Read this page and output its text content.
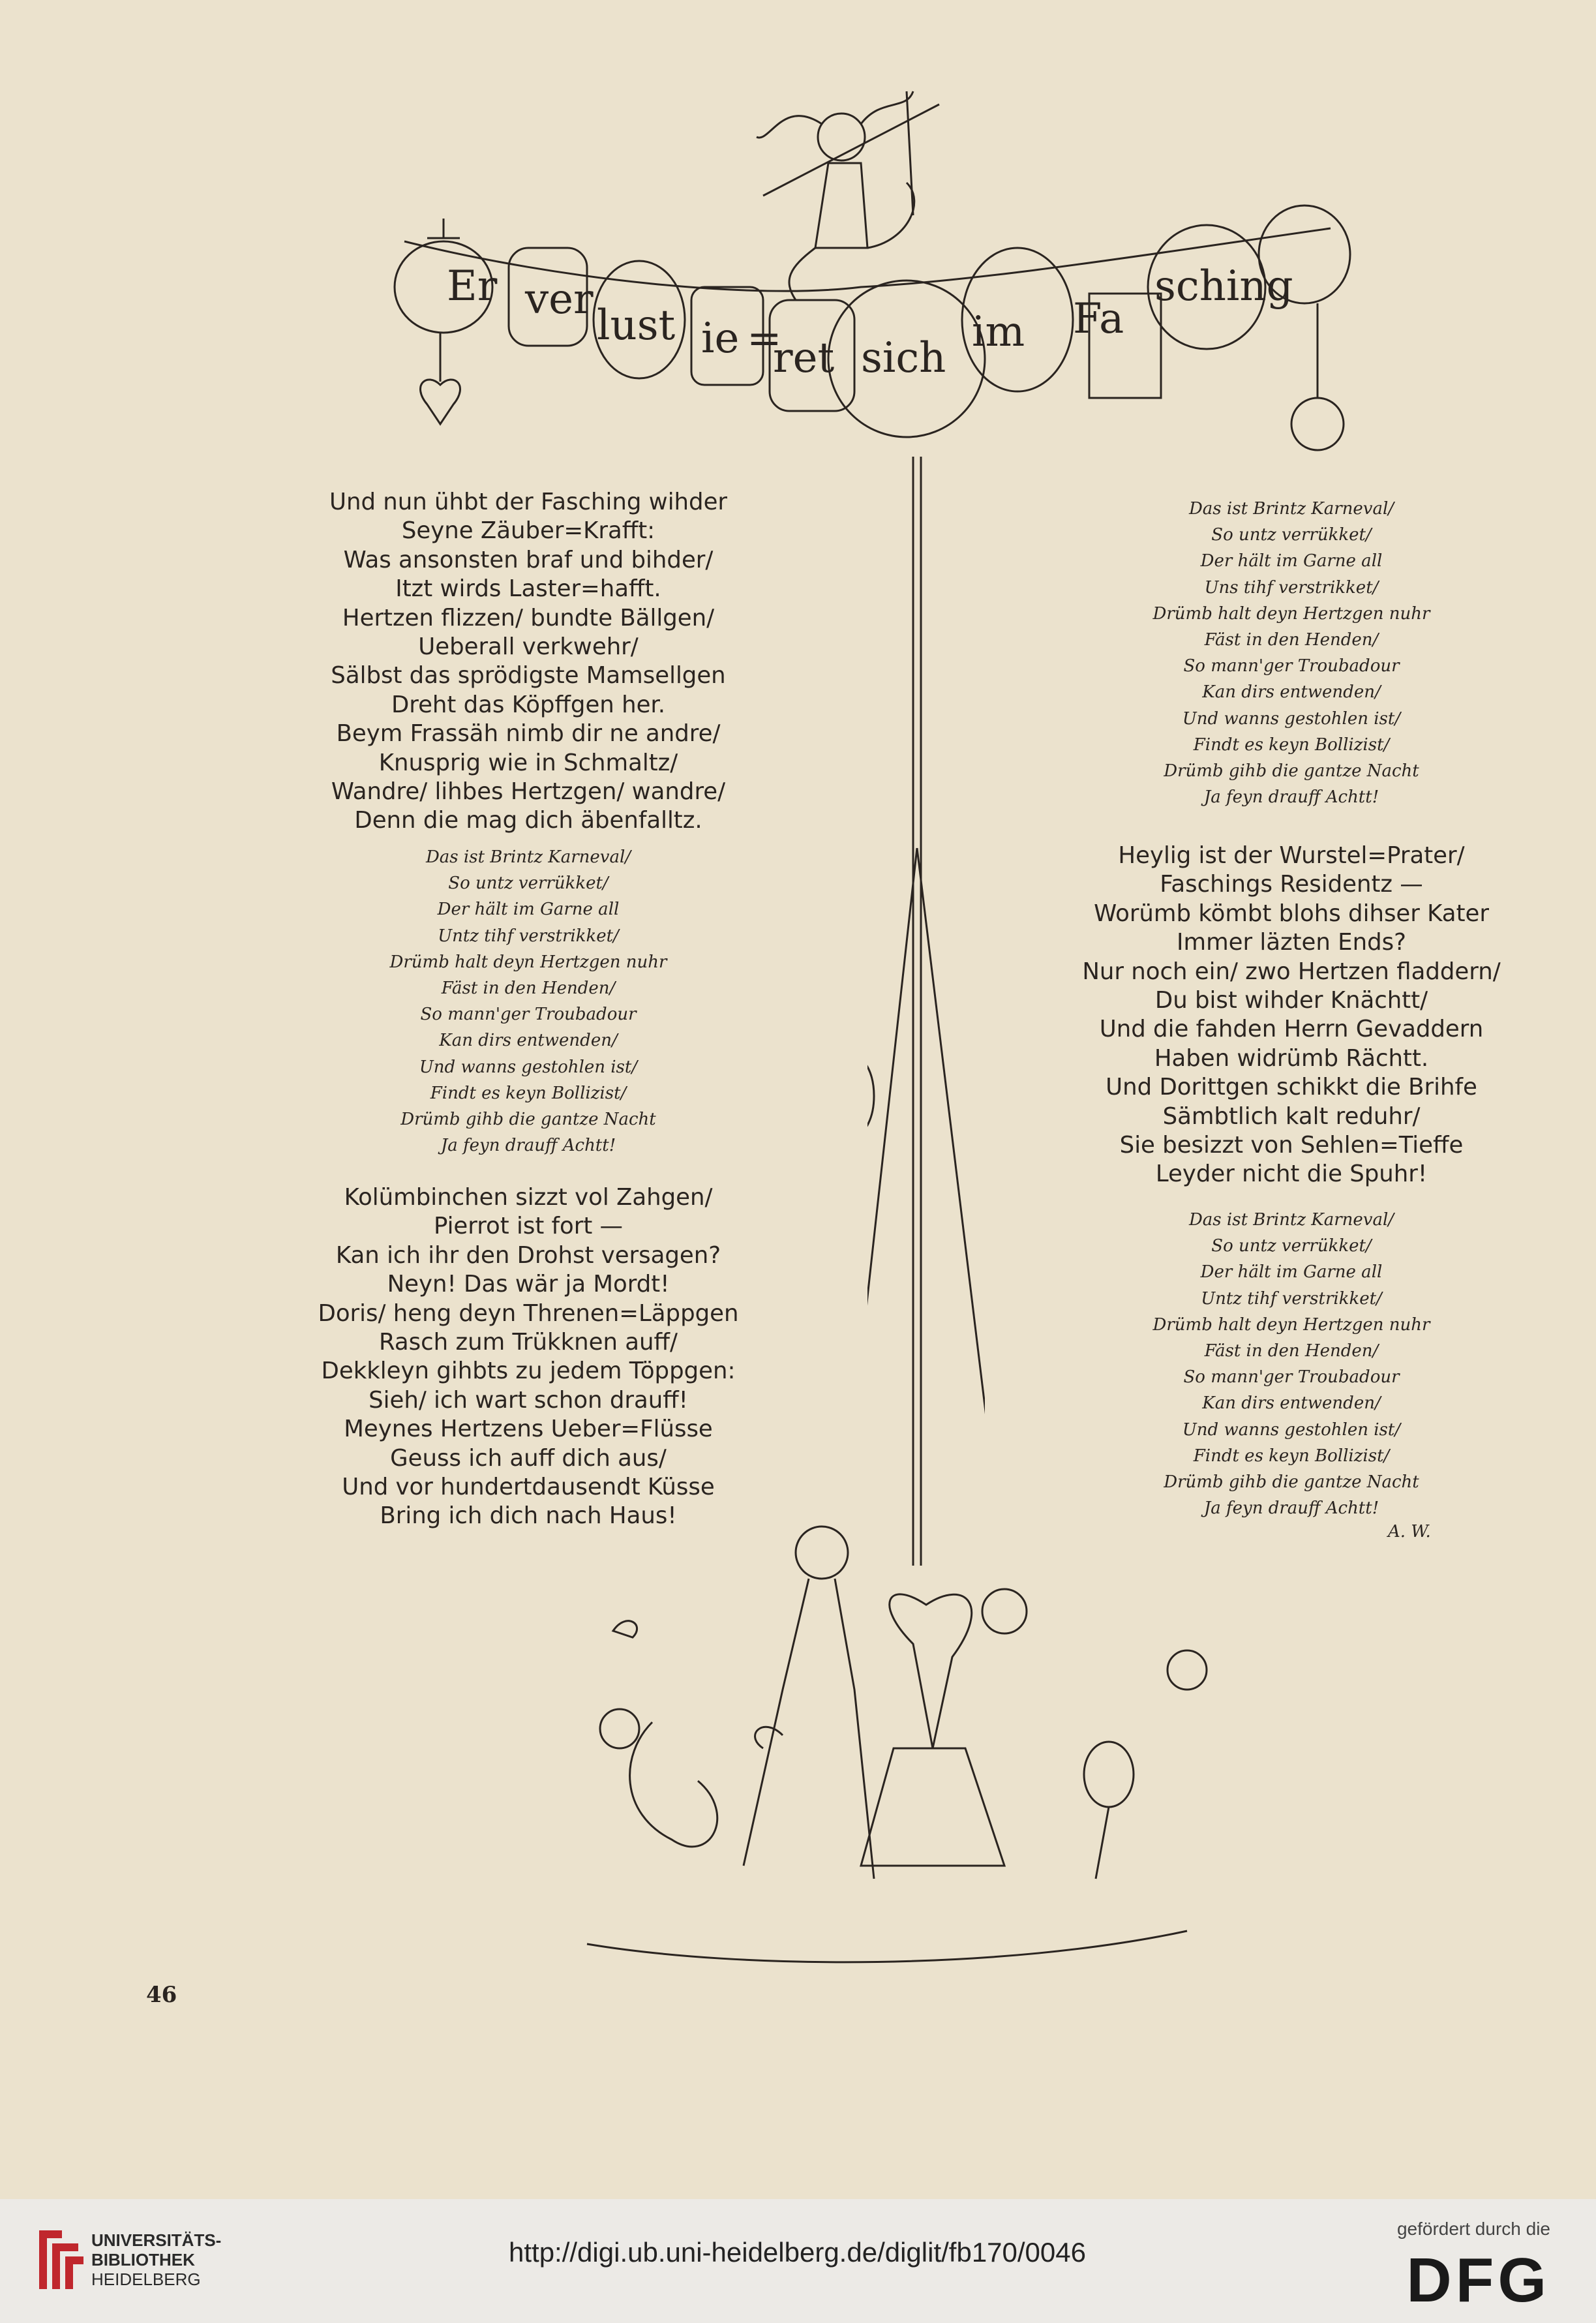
Er ver
lust ie =
ret sich
im Fa
sching
Und nun ühbt der Fasching wihder
Seyne Zäuber=Krafft:
Was ansonsten braf und bihder/
Itzt wirds Laster=hafft.
Hertzen flizzen/ bundte Bällgen/
Ueberall verkwehr/
Sälbst das sprödigste Mamsellgen
Dreht das Köpffgen her.
Beym Frassäh nimb dir ne andre/
Knusprig wie in Schmaltz/
Wandre/ lihbes Hertzgen/ wandre/
Denn die mag dich äbenfalltz.
Das ist Brintz Karneval/
So untz verrükket/
Der hält im Garne all
Untz tihf verstrikket/
Drümb halt deyn Hertzgen nuhr
Fäst in den Henden/
So mann'ger Troubadour
Kan dirs entwenden/
Und wanns gestohlen ist/
Findt es keyn Bollizist/
Drümb gihb die gantze Nacht
Ja feyn drauff Achtt!
Kolümbinchen sizzt vol Zahgen/
Pierrot ist fort —
Kan ich ihr den Drohst versagen?
Neyn! Das wär ja Mordt!
Doris/ heng deyn Threnen=Läppgen
Rasch zum Trükknen auff/
Dekkleyn gihbts zu jedem Töppgen:
Sieh/ ich wart schon drauff!
Meynes Hertzens Ueber=Flüsse
Geuss ich auff dich aus/
Und vor hundertdausendt Küsse
Bring ich dich nach Haus!
Das ist Brintz Karneval/
So untz verrükket/
Der hält im Garne all
Uns tihf verstrikket/
Drümb halt deyn Hertzgen nuhr
Fäst in den Henden/
So mann'ger Troubadour
Kan dirs entwenden/
Und wanns gestohlen ist/
Findt es keyn Bollizist/
Drümb gihb die gantze Nacht
Ja feyn drauff Achtt!
Heylig ist der Wurstel=Prater/
Faschings Residentz —
Worümb kömbt blohs dihser Kater
Immer läzten Ends?
Nur noch ein/ zwo Hertzen fladdern/
Du bist wihder Knächtt/
Und die fahden Herrn Gevaddern
Haben widrümb Rächtt.
Und Dorittgen schikkt die Brihfe
Sämbtlich kalt reduhr/
Sie besizzt von Sehlen=Tieffe
Leyder nicht die Spuhr!
Das ist Brintz Karneval/
So untz verrükket/
Der hält im Garne all
Untz tihf verstrikket/
Drümb halt deyn Hertzgen nuhr
Fäst in den Henden/
So mann'ger Troubadour
Kan dirs entwenden/
Und wanns gestohlen ist/
Findt es keyn Bollizist/
Drümb gihb die gantze Nacht
Ja feyn drauff Achtt!
A. W.
46
UNIVERSITÄTS-
BIBLIOTHEK
HEIDELBERG
http://digi.ub.uni-heidelberg.de/diglit/fb170/0046
gefördert durch die
DFG
